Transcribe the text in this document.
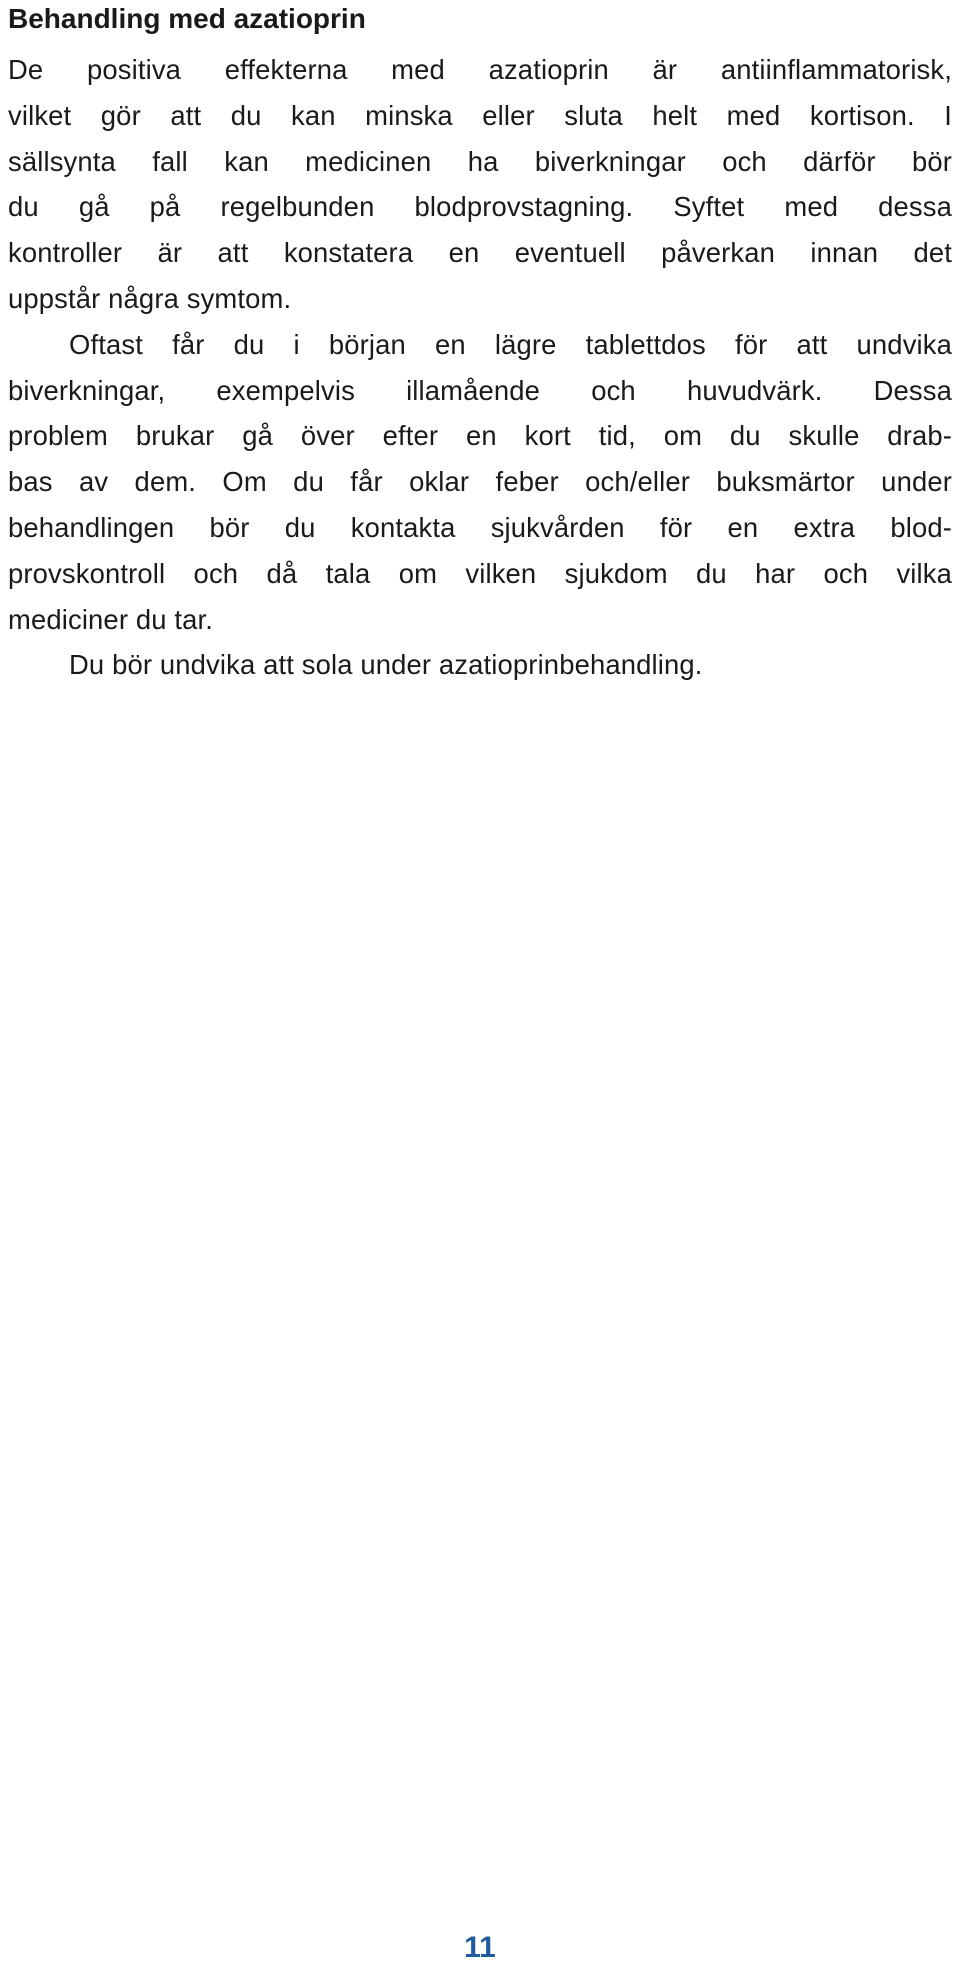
Behandling med azatioprin
De positiva effekterna med azatioprin är antiinflammatorisk,
vilket gör att du kan minska eller sluta helt med kortison. I
sällsynta fall kan medicinen ha biverkningar och därför bör
du gå på regelbunden blodprovstagning. Syftet med dessa
kontroller är att konstatera en eventuell påverkan innan det
uppstår några symtom.
Oftast får du i början en lägre tablettdos för att undvika
biverkningar, exempelvis illamående och huvudvärk. Dessa
problem brukar gå över efter en kort tid, om du skulle drab-
bas av dem. Om du får oklar feber och/eller buksmärtor under
behandlingen bör du kontakta sjukvården för en extra blod-
provskontroll och då tala om vilken sjukdom du har och vilka
mediciner du tar.
Du bör undvika att sola under azatioprinbehandling.
11
